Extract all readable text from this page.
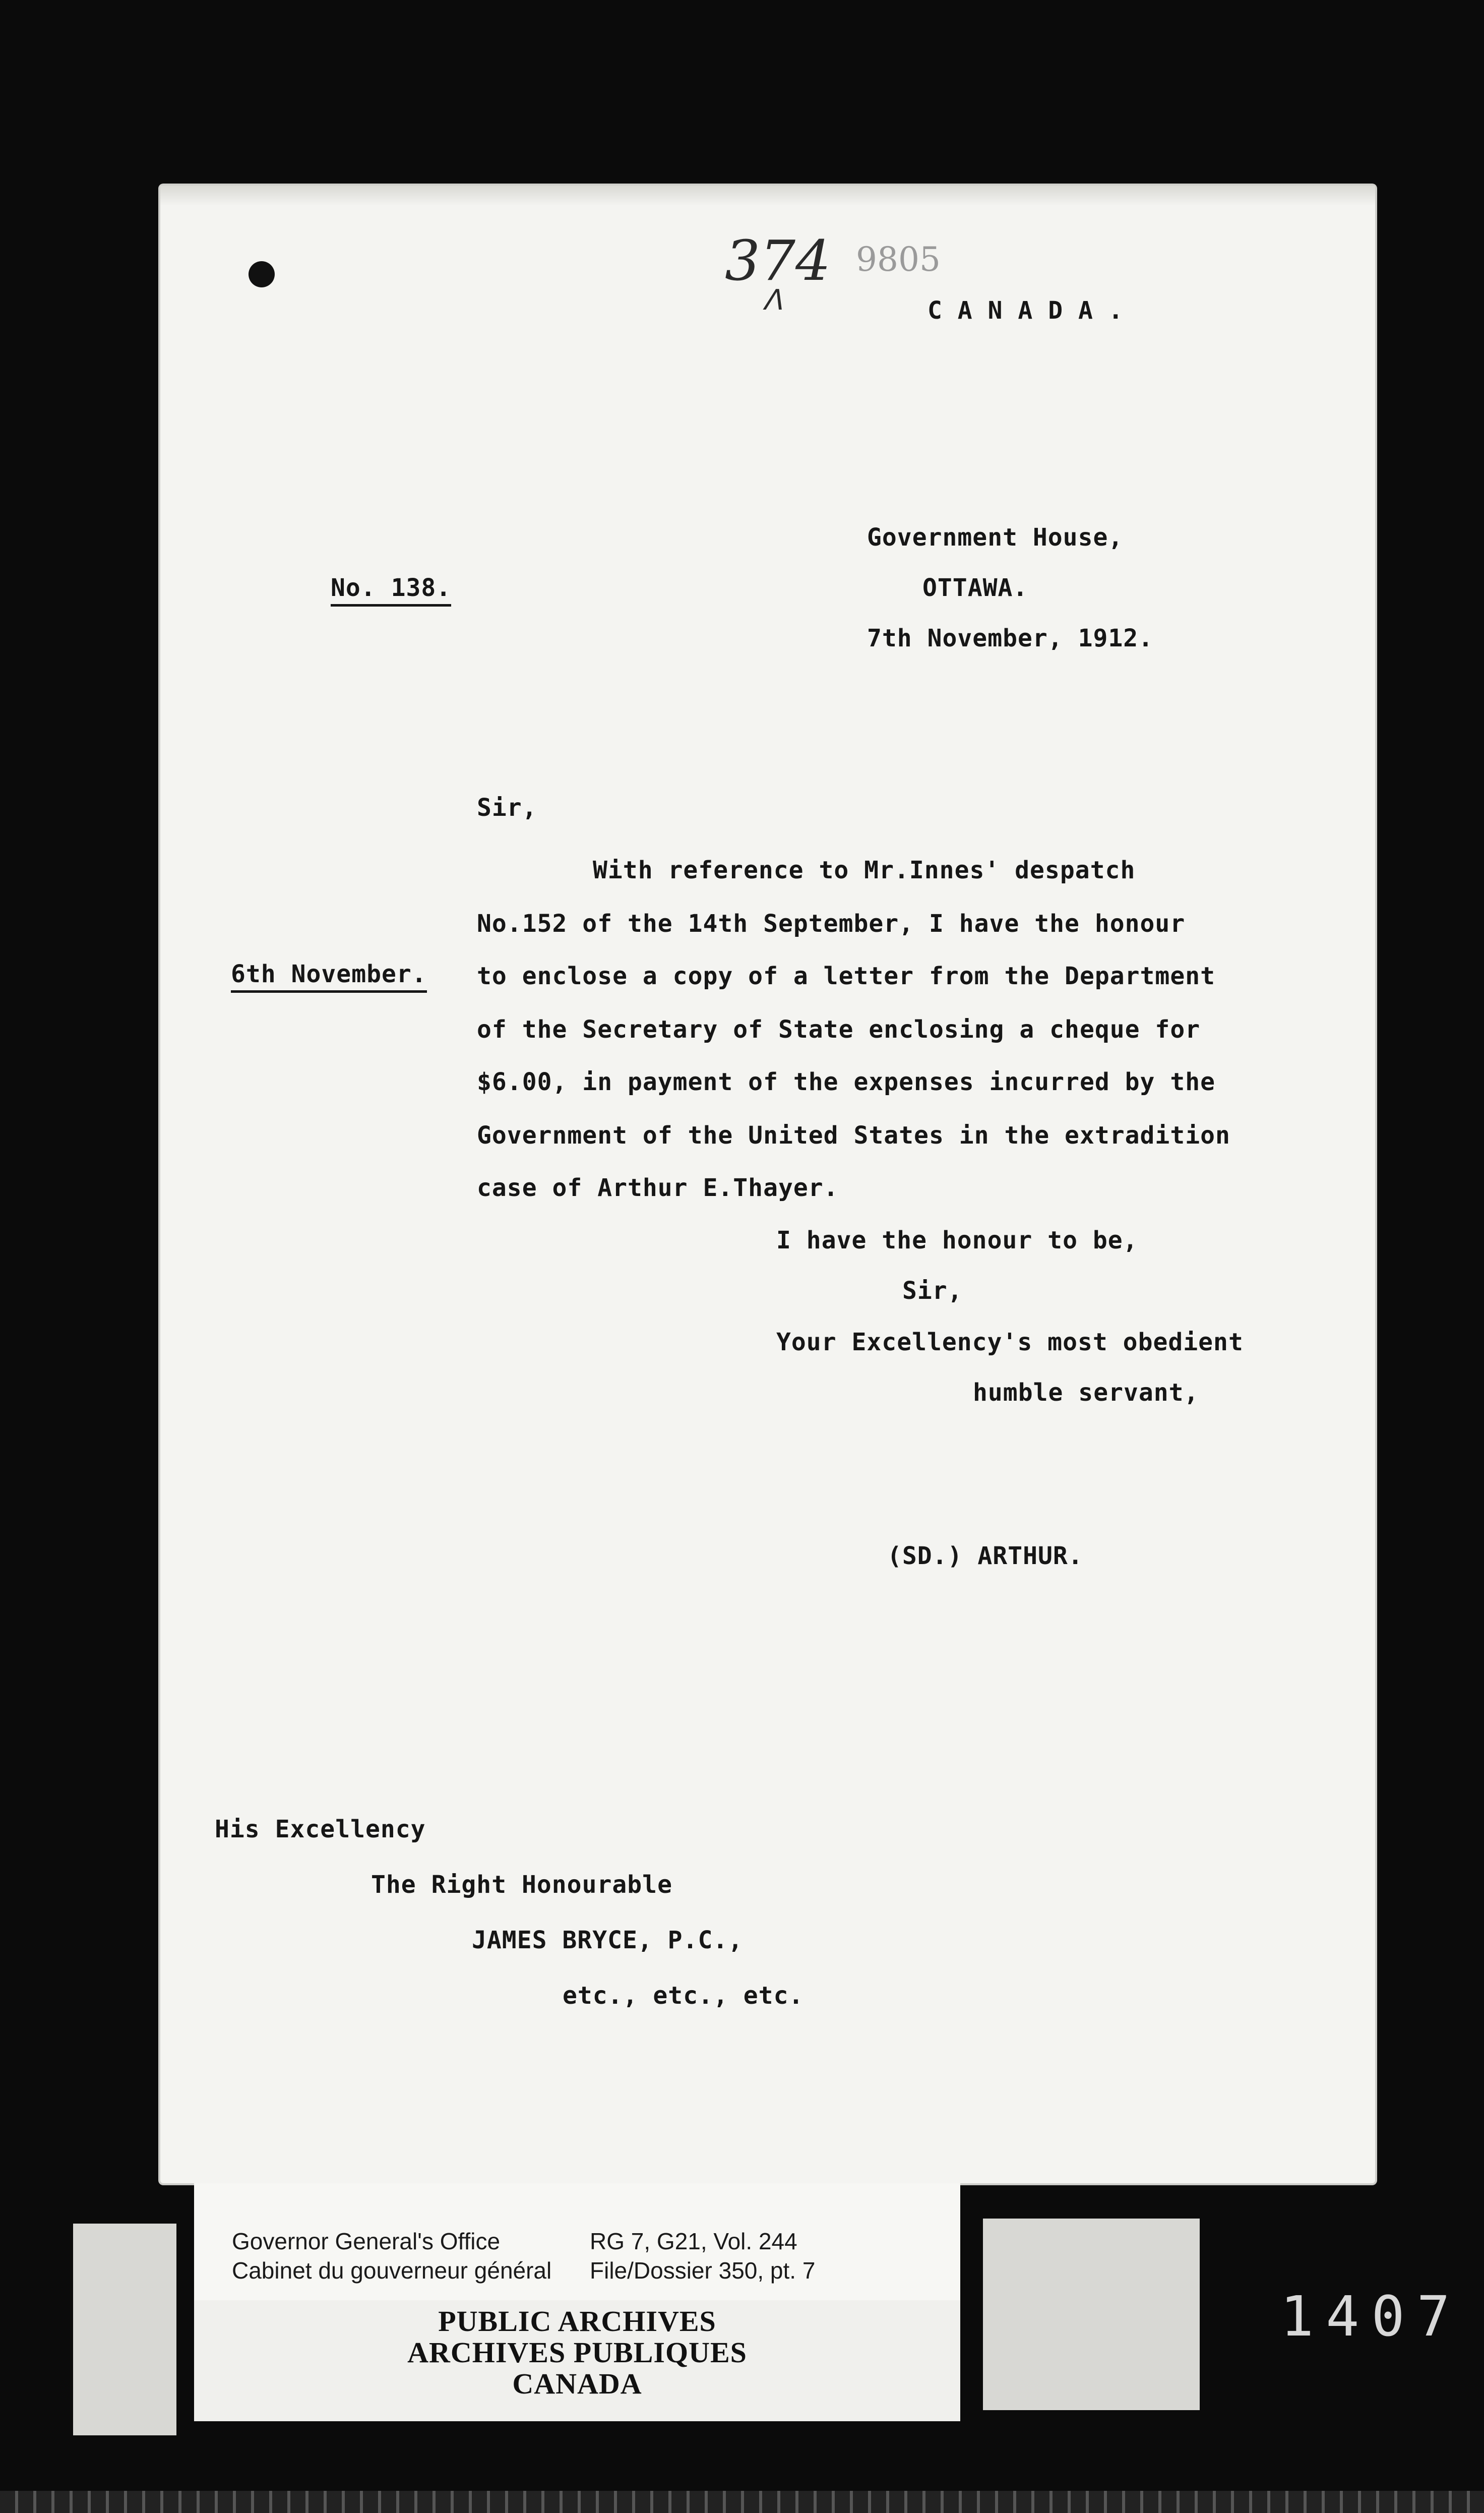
374 9805
ᐱ	C A N A D A .
Government House,
OTTAWA.
No. 138.
7th November, 1912.
Sir,
With reference to Mr.Innes' despatch
No.152 of the 14th September, I have the honour
to enclose a copy of a letter from the Department
of the Secretary of State enclosing a cheque for
$6.00, in payment of the expenses incurred by the
Government of the United States in the extradition
case of Arthur E.Thayer.
6th November.
I have the honour to be,
Sir,
Your Excellency's most obedient
humble servant,
(SD.) ARTHUR.
His Excellency
The Right Honourable
JAMES BRYCE, P.C.,
etc., etc., etc.
Governor General's Office
Cabinet du gouverneur général
RG 7, G21, Vol. 244
File/Dossier 350, pt. 7
PUBLIC ARCHIVES
ARCHIVES PUBLIQUES
CANADA
1407
